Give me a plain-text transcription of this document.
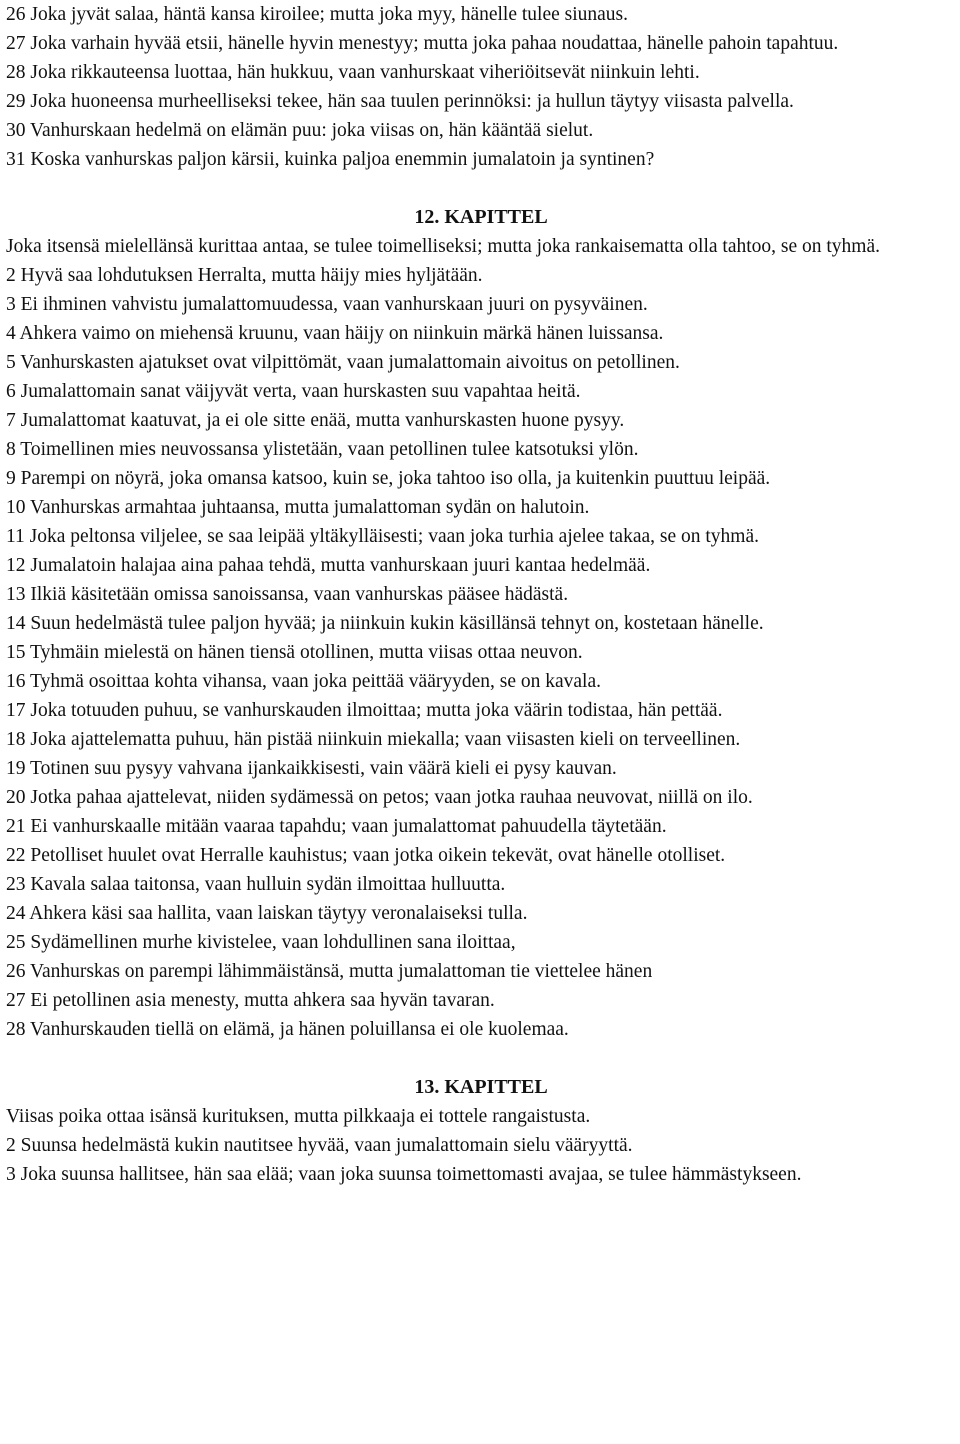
26 Joka jyvät salaa, häntä kansa kiroilee; mutta joka myy, hänelle tulee siunaus.

27 Joka varhain hyvää etsii, hänelle hyvin menestyy; mutta joka pahaa noudattaa, hänelle pahoin tapahtuu.

28 Joka rikkauteensa luottaa, hän hukkuu, vaan vanhurskaat viheriöitsevät niinkuin lehti.

29 Joka huoneensa murheelliseksi tekee, hän saa tuulen perinnöksi: ja hullun täytyy viisasta palvella.

30 Vanhurskaan hedelmä on elämän puu: joka viisas on, hän kääntää sielut.

31 Koska vanhurskas paljon kärsii, kuinka paljoa enemmin jumalatoin ja syntinen?

12. KAPITTEL

Joka itsensä mielellänsä kurittaa antaa, se tulee toimelliseksi; mutta joka rankaisematta olla tahtoo, se on tyhmä.

2 Hyvä saa lohdutuksen Herralta, mutta häijy mies hyljätään.

3 Ei ihminen vahvistu jumalattomuudessa, vaan vanhurskaan juuri on pysyväinen.

4 Ahkera vaimo on miehensä kruunu, vaan häijy on niinkuin märkä hänen luissansa.

5 Vanhurskasten ajatukset ovat vilpittömät, vaan jumalattomain aivoitus on petollinen.

6 Jumalattomain sanat väijyvät verta, vaan hurskasten suu vapahtaa heitä.

7 Jumalattomat kaatuvat, ja ei ole sitte enää, mutta vanhurskasten huone pysyy.

8 Toimellinen mies neuvossansa ylistetään, vaan petollinen tulee katsotuksi ylön.

9 Parempi on nöyrä, joka omansa katsoo, kuin se, joka tahtoo iso olla, ja kuitenkin puuttuu leipää.

10 Vanhurskas armahtaa juhtaansa, mutta jumalattoman sydän on halutoin.

11 Joka peltonsa viljelee, se saa leipää yltäkylläisesti; vaan joka turhia ajelee takaa, se on tyhmä.

12 Jumalatoin halajaa aina pahaa tehdä, mutta vanhurskaan juuri kantaa hedelmää.

13 Ilkiä käsitetään omissa sanoissansa, vaan vanhurskas pääsee hädästä.

14 Suun hedelmästä tulee paljon hyvää; ja niinkuin kukin käsillänsä tehnyt on, kostetaan hänelle.

15 Tyhmäin mielestä on hänen tiensä otollinen, mutta viisas ottaa neuvon.

16 Tyhmä osoittaa kohta vihansa, vaan joka peittää vääryyden, se on kavala.

17 Joka totuuden puhuu, se vanhurskauden ilmoittaa; mutta joka väärin todistaa, hän pettää.

18 Joka ajattelematta puhuu, hän pistää niinkuin miekalla; vaan viisasten kieli on terveellinen.

19 Totinen suu pysyy vahvana ijankaikkisesti, vain väärä kieli ei pysy kauvan.

20 Jotka pahaa ajattelevat, niiden sydämessä on petos; vaan jotka rauhaa neuvovat, niillä on ilo.

21 Ei vanhurskaalle mitään vaaraa tapahdu; vaan jumalattomat pahuudella täytetään.

22 Petolliset huulet ovat Herralle kauhistus; vaan jotka oikein tekevät, ovat hänelle otolliset.

23 Kavala salaa taitonsa, vaan hulluin sydän ilmoittaa hulluutta.

24 Ahkera käsi saa hallita, vaan laiskan täytyy veronalaiseksi tulla.

25 Sydämellinen murhe kivistelee, vaan lohdullinen sana iloittaa,

26 Vanhurskas on parempi lähimmäistänsä, mutta jumalattoman tie viettelee hänen

27 Ei petollinen asia menesty, mutta ahkera saa hyvän tavaran.

28 Vanhurskauden tiellä on elämä, ja hänen poluillansa ei ole kuolemaa.

13. KAPITTEL

Viisas poika ottaa isänsä kurituksen, mutta pilkkaaja ei tottele rangaistusta.

2 Suunsa hedelmästä kukin nautitsee hyvää, vaan jumalattomain sielu vääryyttä.

3 Joka suunsa hallitsee, hän saa elää; vaan joka suunsa toimettomasti avajaa, se tulee hämmästykseen.
